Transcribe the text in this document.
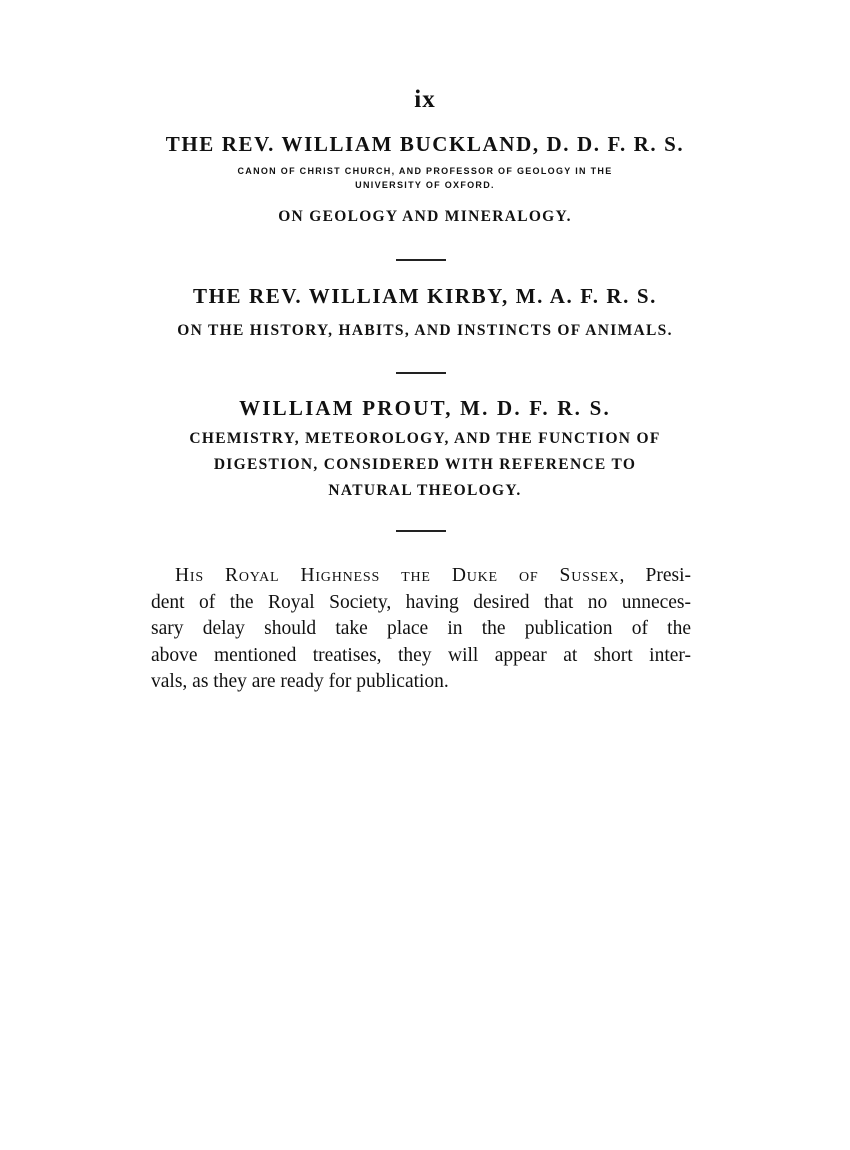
ix
THE REV. WILLIAM BUCKLAND, D. D. F. R. S.
CANON OF CHRIST CHURCH, AND PROFESSOR OF GEOLOGY IN THE
UNIVERSITY OF OXFORD.
ON GEOLOGY AND MINERALOGY.
THE REV. WILLIAM KIRBY, M. A. F. R. S.
ON THE HISTORY, HABITS, AND INSTINCTS OF ANIMALS.
WILLIAM PROUT, M. D. F. R. S.
CHEMISTRY, METEOROLOGY, AND THE FUNCTION OF
DIGESTION, CONSIDERED WITH REFERENCE TO
NATURAL THEOLOGY.
His Royal Highness the Duke of Sussex, Presi-
dent of the Royal Society, having desired that no unneces-
sary delay should take place in the publication of the
above mentioned treatises, they will appear at short inter-
vals, as they are ready for publication.
